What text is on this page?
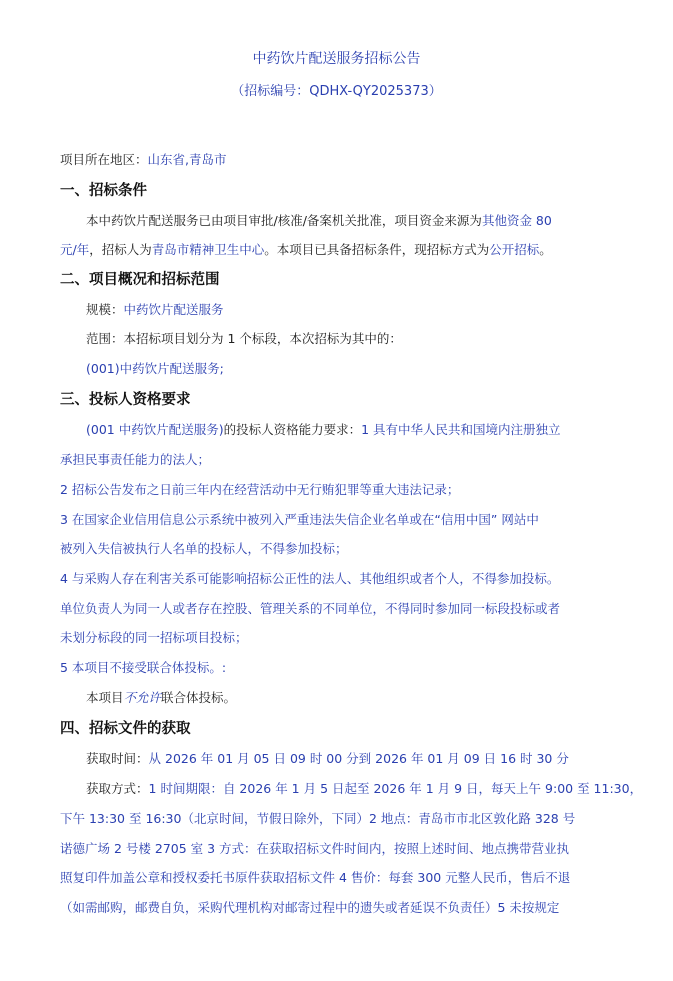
中药饮片配送服务招标公告
（招标编号：QDHX-QY2025373）
项目所在地区：山东省,青岛市
一、招标条件
本中药饮片配送服务已由项目审批/核准/备案机关批准，项目资金来源为其他资金 80
元/年，招标人为青岛市精神卫生中心。本项目已具备招标条件，现招标方式为公开招标。
二、项目概况和招标范围
规模：中药饮片配送服务
范围：本招标项目划分为 1 个标段，本次招标为其中的：
(001)中药饮片配送服务;
三、投标人资格要求
(001 中药饮片配送服务)的投标人资格能力要求：1 具有中华人民共和国境内注册独立
承担民事责任能力的法人；
2 招标公告发布之日前三年内在经营活动中无行贿犯罪等重大违法记录；
3 在国家企业信用信息公示系统中被列入严重违法失信企业名单或在“信用中国” 网站中
被列入失信被执行人名单的投标人，不得参加投标；
4 与采购人存在利害关系可能影响招标公正性的法人、其他组织或者个人，不得参加投标。
单位负责人为同一人或者存在控股、管理关系的不同单位，不得同时参加同一标段投标或者
未划分标段的同一招标项目投标；
5 本项目不接受联合体投标。:
本项目不允许联合体投标。
四、招标文件的获取
获取时间：从 2026 年 01 月 05 日 09 时 00 分到 2026 年 01 月 09 日 16 时 30 分
获取方式：1 时间期限：自 2026 年 1 月 5 日起至 2026 年 1 月 9 日，每天上午 9:00 至 11:30，
下午 13:30 至 16:30（北京时间，节假日除外，下同）2 地点：青岛市市北区敦化路 328 号
诺德广场 2 号楼 2705 室 3 方式：在获取招标文件时间内，按照上述时间、地点携带营业执
照复印件加盖公章和授权委托书原件获取招标文件 4 售价：每套 300 元整人民币，售后不退
（如需邮购，邮费自负，采购代理机构对邮寄过程中的遗失或者延误不负责任）5 未按规定
